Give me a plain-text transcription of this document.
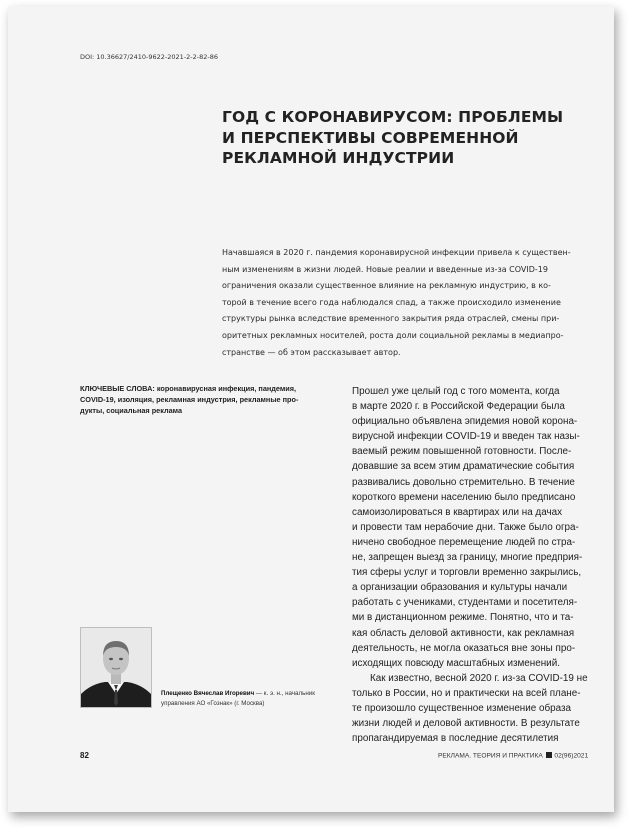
DOI: 10.36627/2410-9622-2021-2-2-82-86
ГОД С КОРОНАВИРУСОМ: ПРОБЛЕМЫ
И ПЕРСПЕКТИВЫ СОВРЕМЕННОЙ
РЕКЛАМНОЙ ИНДУСТРИИ
Начавшаяся в 2020 г. пандемия коронавирусной инфекции привела к существен-
ным изменениям в жизни людей. Новые реалии и введенные из-за COVID-19
ограничения оказали существенное влияние на рекламную индустрию, в ко-
торой в течение всего года наблюдался спад, а также происходило изменение
структуры рынка вследствие временного закрытия ряда отраслей, смены при-
оритетных рекламных носителей, роста доли социальной рекламы в медиапро-
странстве — об этом рассказывает автор.
КЛЮЧЕВЫЕ СЛОВА: коронавирусная инфекция, пандемия,
COVID-19, изоляция, рекламная индустрия, рекламные про-
дукты, социальная реклама
Прошел уже целый год с того момента, когда
в марте 2020 г. в Российской Федерации была
официально объявлена эпидемия новой корона-
вирусной инфекции COVID-19 и введен так назы-
ваемый режим повышенной готовности. После-
довавшие за всем этим драматические события
развивались довольно стремительно. В течение
короткого времени населению было предписано
самоизолироваться в квартирах или на дачах
и провести там нерабочие дни. Также было огра-
ничено свободное перемещение людей по стра-
не, запрещен выезд за границу, многие предприя-
тия сферы услуг и торговли временно закрылись,
а организации образования и культуры начали
работать с учениками, студентами и посетителя-
ми в дистанционном режиме. Понятно, что и та-
кая область деловой активности, как рекламная
деятельность, не могла оказаться вне зоны про-
исходящих повсюду масштабных изменений.
Как известно, весной 2020 г. из-за COVID-19 не
только в России, но и практически на всей плане-
те произошло существенное изменение образа
жизни людей и деловой активности. В результате
пропагандируемая в последние десятилетия
Плещенко Вячеслав Игоревич — к. э. н., начальник
управления АО «Гознак» (г. Москва)
82	РЕКЛАМА. ТЕОРИЯ И ПРАКТИКА 02(96)2021
